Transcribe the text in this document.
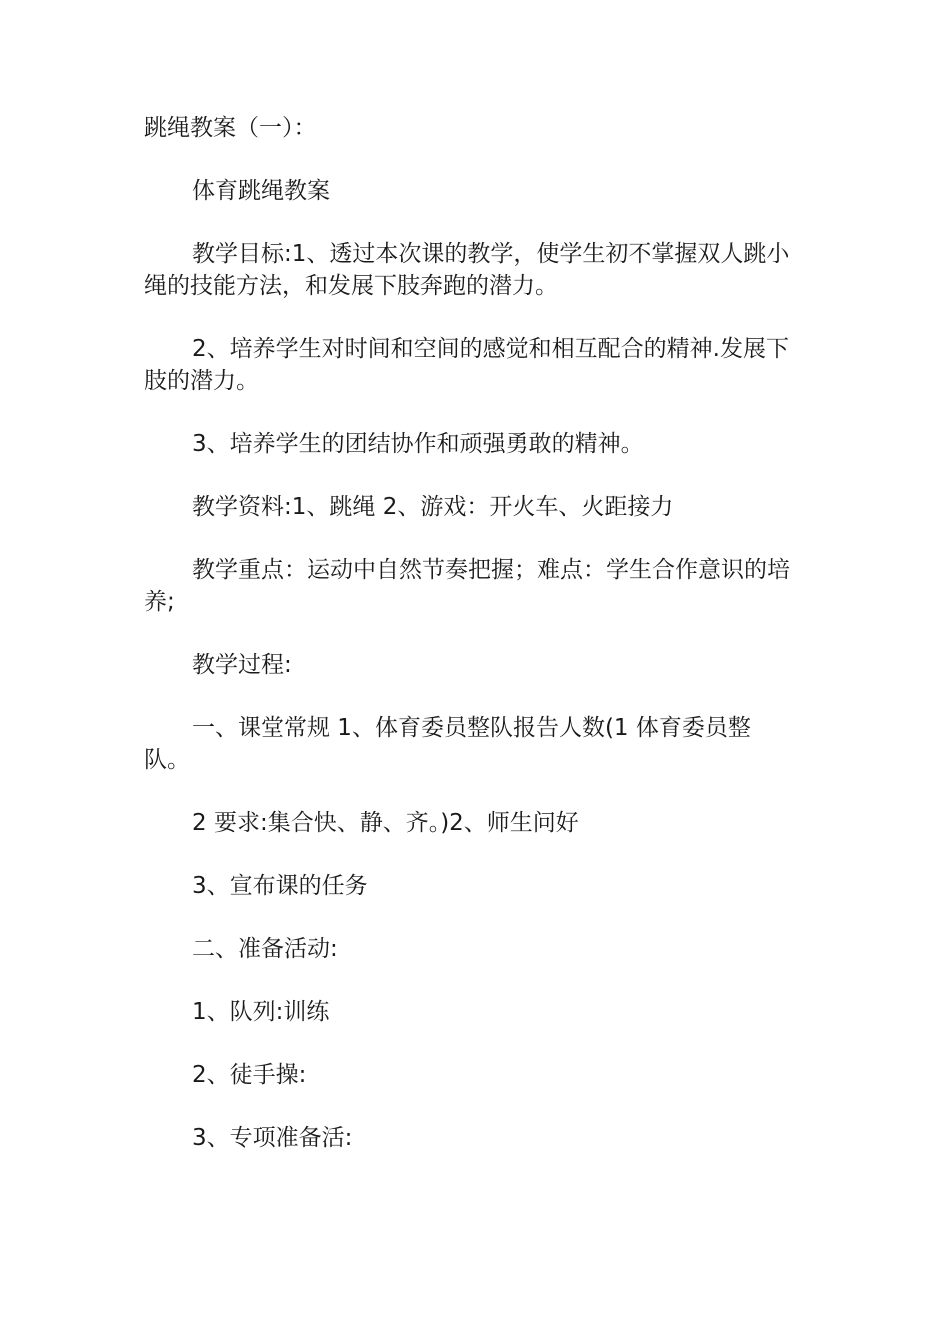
跳绳教案（一）：

体育跳绳教案

教学目标:1、透过本次课的教学，使学生初不掌握双人跳小绳的技能方法，和发展下肢奔跑的潜力。

2、培养学生对时间和空间的感觉和相互配合的精神.发展下肢的潜力。

3、培养学生的团结协作和顽强勇敢的精神。

教学资料:1、跳绳 2、游戏：开火车、火距接力

教学重点：运动中自然节奏把握；难点：学生合作意识的培养;

教学过程:

一、课堂常规 1、体育委员整队报告人数(1 体育委员整队。

2 要求:集合快、静、齐。)2、师生问好

3、宣布课的任务

二、准备活动:

1、队列:训练

2、徒手操:

3、专项准备活:
